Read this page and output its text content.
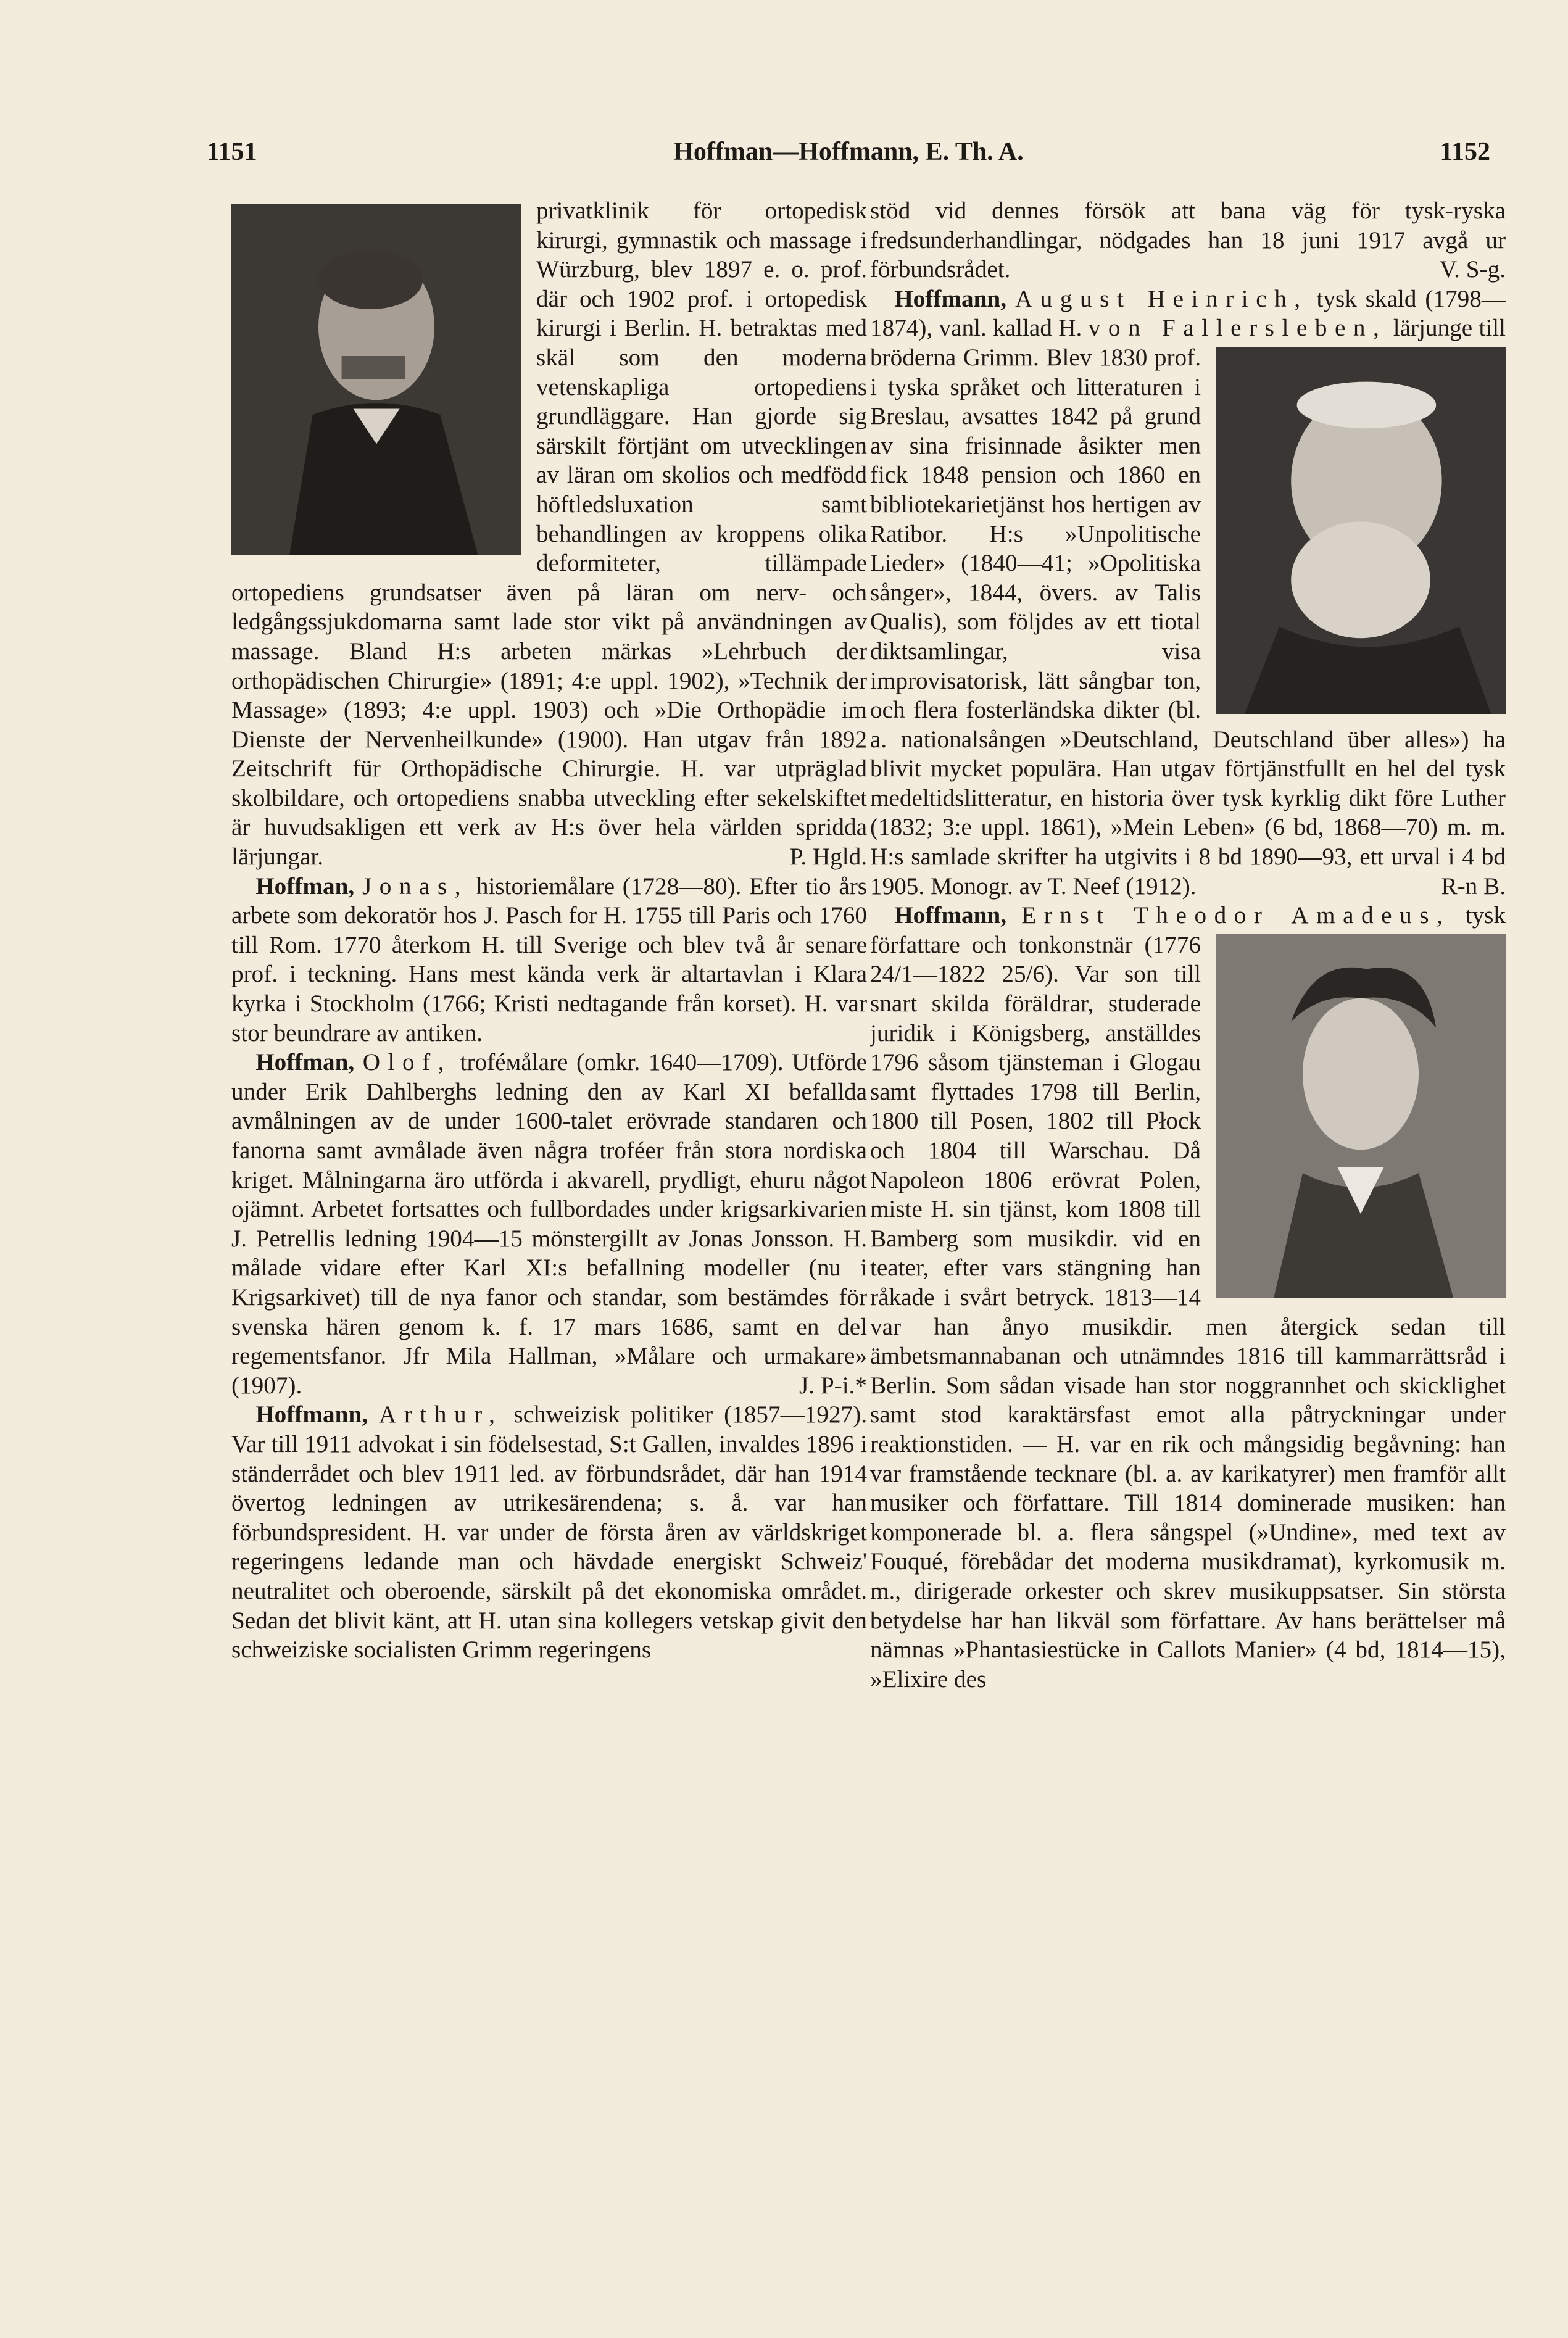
1151	Hoffman—Hoffmann, E. Th. A.	1152

privatklinik för ortopedisk kirurgi, gymnastik och massage i Würzburg, blev 1897 e. o. prof. där och 1902 prof. i ortopedisk kirurgi i Berlin. H. betraktas med skäl som den moderna vetenskapliga ortopediens grundläggare. Han gjorde sig särskilt förtjänt om utvecklingen av läran om skolios och medfödd höftledsluxation samt behandlingen av kroppens olika deformiteter, tillämpade ortopediens grundsatser även på läran om nerv- och ledgångssjukdomarna samt lade stor vikt på användningen av massage. Bland H:s arbeten märkas »Lehrbuch der orthopädischen Chirurgie» (1891; 4:e uppl. 1902), »Technik der Massage» (1893; 4:e uppl. 1903) och »Die Orthopädie im Dienste der Nervenheilkunde» (1900). Han utgav från 1892 Zeitschrift für Orthopädische Chirurgie. H. var utpräglad skolbildare, och ortopediens snabba utveckling efter sekelskiftet är huvudsakligen ett verk av H:s över hela världen spridda lärjungar.	P. Hgld.

 Hoffman, Jonas, historiemålare (1728—80). Efter tio års arbete som dekoratör hos J. Pasch for H. 1755 till Paris och 1760 till Rom. 1770 återkom H. till Sverige och blev två år senare prof. i teckning. Hans mest kända verk är altartavlan i Klara kyrka i Stockholm (1766; Kristi nedtagande från korset). H. var stor beundrare av antiken.

 Hoffman, Olof, troféмålare (omkr. 1640—1709). Utförde under Erik Dahlberghs ledning den av Karl XI befallda avmålningen av de under 1600-talet erövrade standaren och fanorna samt avmålade även några troféer från stora nordiska kriget. Målningarna äro utförda i akvarell, prydligt, ehuru något ojämnt. Arbetet fortsattes och fullbordades under krigsarkivarien J. Petrellis ledning 1904—15 mönstergillt av Jonas Jonsson. H. målade vidare efter Karl XI:s befallning modeller (nu i Krigsarkivet) till de nya fanor och standar, som bestämdes för svenska hären genom k. f. 17 mars 1686, samt en del regementsfanor. Jfr Mila Hallman, »Målare och urmakare» (1907).	J. P-i.*

 Hoffmann, Arthur, schweizisk politiker (1857—1927). Var till 1911 advokat i sin födelsestad, S:t Gallen, invaldes 1896 i ständerrådet och blev 1911 led. av förbundsrådet, där han 1914 övertog ledningen av utrikesärendena; s. å. var han förbundspresident. H. var under de första åren av världskriget regeringens ledande man och hävdade energiskt Schweiz' neutralitet och oberoende, särskilt på det ekonomiska området. Sedan det blivit känt, att H. utan sina kollegers vetskap givit den schweiziske socialisten Grimm regeringens

stöd vid dennes försök att bana väg för tysk-ryska fredsunderhandlingar, nödgades han 18 juni 1917 avgå ur förbundsrådet.	V. S-g.

 Hoffmann, August Heinrich, tysk skald (1798—1874), vanl. kallad H. von Fallersleben, lärjunge till bröderna Grimm. Blev 1830 prof. i tyska språket och litteraturen i Breslau, avsattes 1842 på grund av sina frisinnade åsikter men fick 1848 pension och 1860 en bibliotekarietjänst hos hertigen av Ratibor. H:s »Unpolitische Lieder» (1840—41; »Opolitiska sånger», 1844, övers. av Talis Qualis), som följdes av ett tiotal diktsamlingar, visa improvisatorisk, lätt sångbar ton, och flera fosterländska dikter (bl. a. nationalsången »Deutschland, Deutschland über alles») ha blivit mycket populära. Han utgav förtjänstfullt en hel del tysk medeltidslitteratur, en historia över tysk kyrklig dikt före Luther (1832; 3:e uppl. 1861), »Mein Leben» (6 bd, 1868—70) m. m. H:s samlade skrifter ha utgivits i 8 bd 1890—93, ett urval i 4 bd 1905. Monogr. av T. Neef (1912).	R-n B.

 Hoffmann, Ernst Theodor Amadeus, tysk författare och tonkonstnär (1776 24/1—1822 25/6). Var son till snart skilda föräldrar, studerade juridik i Königsberg, anställdes 1796 såsom tjänsteman i Glogau samt flyttades 1798 till Berlin, 1800 till Posen, 1802 till Płock och 1804 till Warschau. Då Napoleon 1806 erövrat Polen, miste H. sin tjänst, kom 1808 till Bamberg som musikdir. vid en teater, efter vars stängning han råkade i svårt betryck. 1813—14 var han ånyo musikdir. men återgick sedan till ämbetsmannabanan och utnämndes 1816 till kammarrättsråd i Berlin. Som sådan visade han stor noggrannhet och skicklighet samt stod karaktärsfast emot alla påtryckningar under reaktionstiden. — H. var en rik och mångsidig begåvning: han var framstående tecknare (bl. a. av karikatyrer) men framför allt musiker och författare. Till 1814 dominerade musiken: han komponerade bl. a. flera sångspel (»Undine», med text av Fouqué, förebådar det moderna musikdramat), kyrkomusik m. m., dirigerade orkester och skrev musikuppsatser. Sin största betydelse har han likväl som författare. Av hans berättelser må nämnas »Phantasiestücke in Callots Manier» (4 bd, 1814—15), »Elixire des
